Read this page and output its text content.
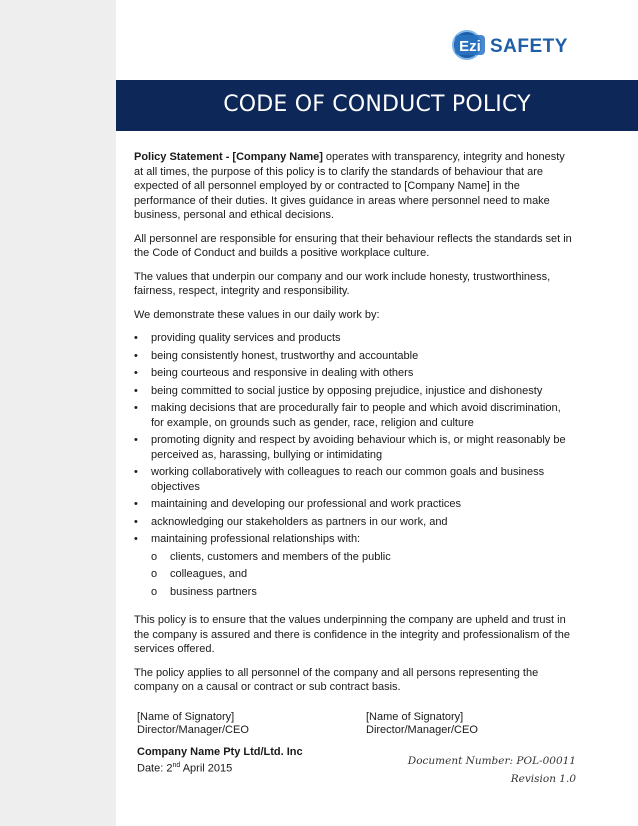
Ezi SAFETY
CODE OF CONDUCT POLICY

Policy Statement - [Company Name] operates with transparency, integrity and honesty at all times, the purpose of this policy is to clarify the standards of behaviour that are expected of all personnel employed by or contracted to [Company Name] in the performance of their duties. It gives guidance in areas where personnel need to make business, personal and ethical decisions.

All personnel are responsible for ensuring that their behaviour reflects the standards set in the Code of Conduct and builds a positive workplace culture.

The values that underpin our company and our work include honesty, trustworthiness, fairness, respect, integrity and responsibility.

We demonstrate these values in our daily work by:

• providing quality services and products
• being consistently honest, trustworthy and accountable
• being courteous and responsive in dealing with others
• being committed to social justice by opposing prejudice, injustice and dishonesty
• making decisions that are procedurally fair to people and which avoid discrimination, for example, on grounds such as gender, race, religion and culture
• promoting dignity and respect by avoiding behaviour which is, or might reasonably be perceived as, harassing, bullying or intimidating
• working collaboratively with colleagues to reach our common goals and business objectives
• maintaining and developing our professional and work practices
• acknowledging our stakeholders as partners in our work, and
• maintaining professional relationships with:
o clients, customers and members of the public
o colleagues, and
o business partners

This policy is to ensure that the values underpinning the company are upheld and trust in the company is assured and there is confidence in the integrity and professionalism of the services offered.

The policy applies to all personnel of the company and all persons representing the company on a causal or contract or sub contract basis.

[Name of Signatory]
Director/Manager/CEO
[Name of Signatory]
Director/Manager/CEO
Company Name Pty Ltd/Ltd. Inc
Date: 2nd April 2015
Document Number: POL-00011
Revision 1.0
